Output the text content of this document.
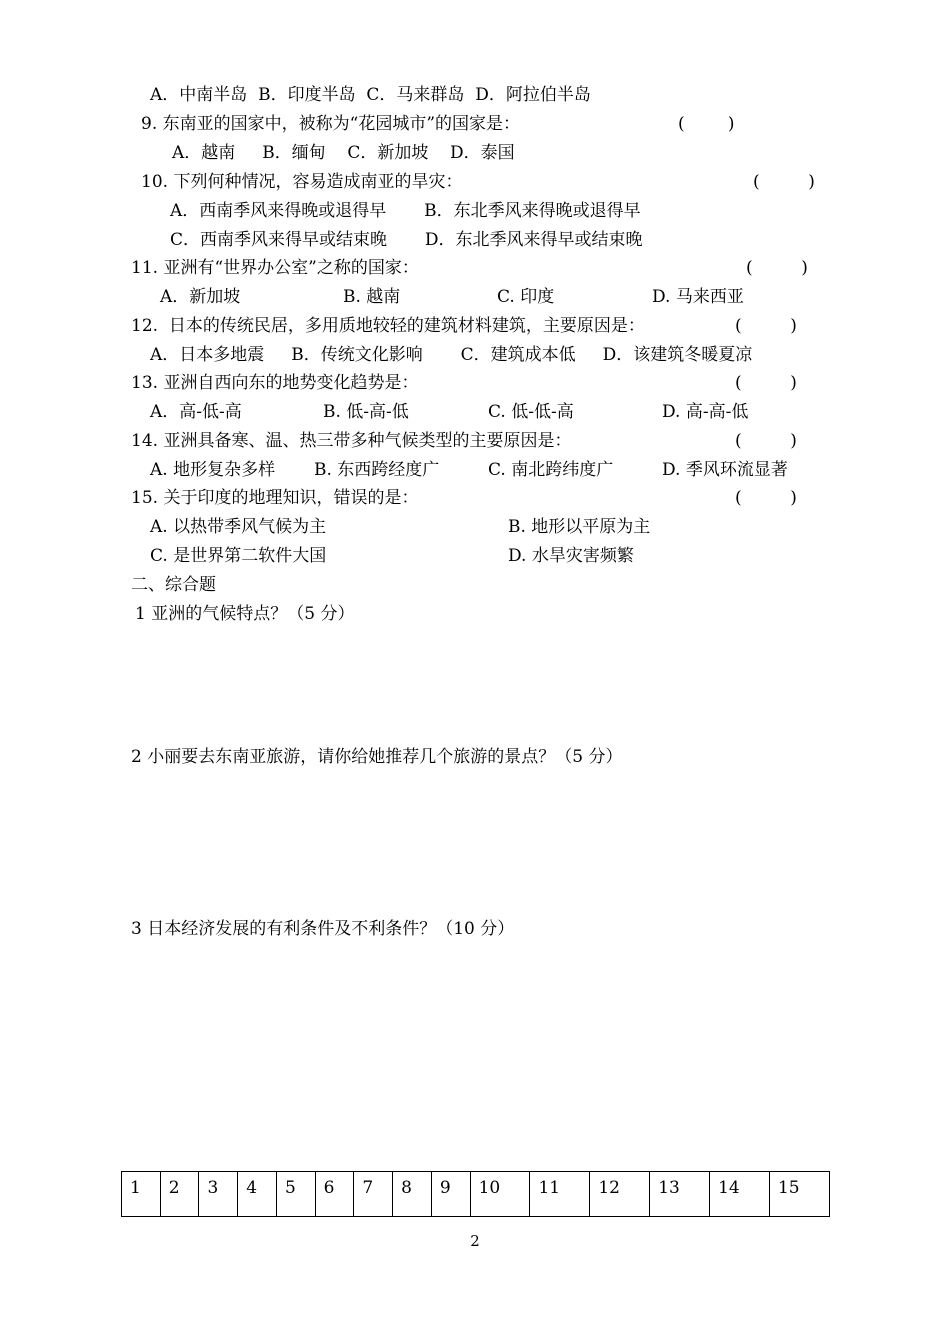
A．中南半岛  B．印度半岛  C．马来群岛  D．阿拉伯半岛
9. 东南亚的国家中，被称为“花园城市”的国家是：	(        )
A．越南     B．缅甸    C．新加坡    D．泰国
10. 下列何种情况，容易造成南亚的旱灾：	(         )
A．西南季风来得晚或退得早       B．东北季风来得晚或退得早
C．西南季风来得早或结束晚       D．东北季风来得早或结束晚
11. 亚洲有“世界办公室”之称的国家：	(         )
A．新加坡	B. 越南	C. 印度	D. 马来西亚
12.  日本的传统民居，多用质地较轻的建筑材料建筑，主要原因是：	(         )
A．日本多地震     B．传统文化影响       C．建筑成本低     D．该建筑冬暖夏凉
13. 亚洲自西向东的地势变化趋势是：	(         )
A．高-低-高	B. 低-高-低	C. 低-低-高	D. 高-高-低
14. 亚洲具备寒、温、热三带多种气候类型的主要原因是：	(         )
A. 地形复杂多样 B. 东西跨经度广	C. 南北跨纬度广	D. 季风环流显著
15. 关于印度的地理知识，错误的是：	(         )
A. 以热带季风气候为主	B. 地形以平原为主
C. 是世界第二软件大国	D. 水旱灾害频繁
二、综合题
1 亚洲的气候特点？（5 分）
2 小丽要去东南亚旅游，请你给她推荐几个旅游的景点？（5 分）
3 日本经济发展的有利条件及不利条件？（10 分）
1	2	3	4	5	6	7	8	9	10	11	12	13	14	15
2
